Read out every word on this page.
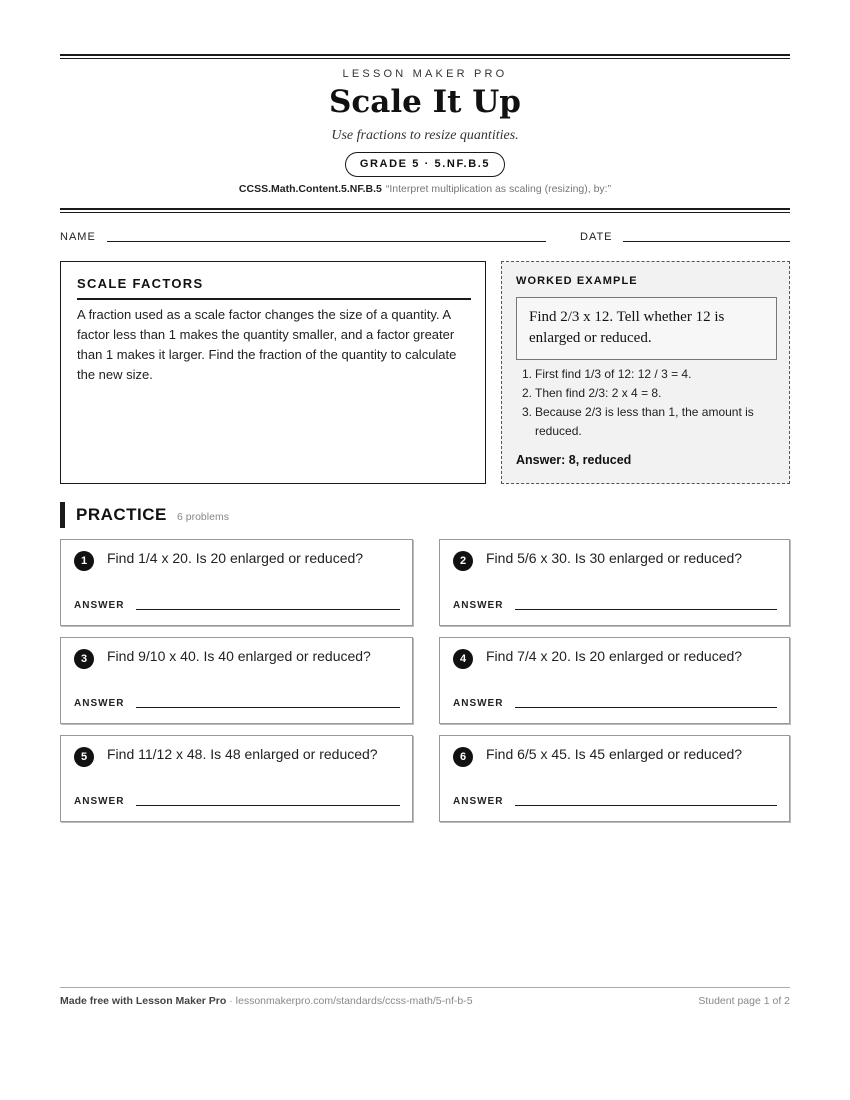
LESSON MAKER PRO
Scale It Up
Use fractions to resize quantities.
GRADE 5 · 5.NF.B.5
CCSS.Math.Content.5.NF.B.5 “Interpret multiplication as scaling (resizing), by:”
NAME	DATE
SCALE FACTORS
A fraction used as a scale factor changes the size of a quantity. A factor less than 1 makes the quantity smaller, and a factor greater than 1 makes it larger. Find the fraction of the quantity to calculate the new size.
WORKED EXAMPLE
Find 2/3 x 12. Tell whether 12 is enlarged or reduced.
1. First find 1/3 of 12: 12 / 3 = 4.
2. Then find 2/3: 2 x 4 = 8.
3. Because 2/3 is less than 1, the amount is reduced.
Answer: 8, reduced
PRACTICE 6 problems
1	Find 1/4 x 20. Is 20 enlarged or reduced?
ANSWER
2	Find 5/6 x 30. Is 30 enlarged or reduced?
ANSWER
3	Find 9/10 x 40. Is 40 enlarged or reduced?
ANSWER
4	Find 7/4 x 20. Is 20 enlarged or reduced?
ANSWER
5	Find 11/12 x 48. Is 48 enlarged or reduced?
ANSWER
6	Find 6/5 x 45. Is 45 enlarged or reduced?
ANSWER
Made free with Lesson Maker Pro · lessonmakerpro.com/standards/ccss-math/5-nf-b-5	Student page 1 of 2
